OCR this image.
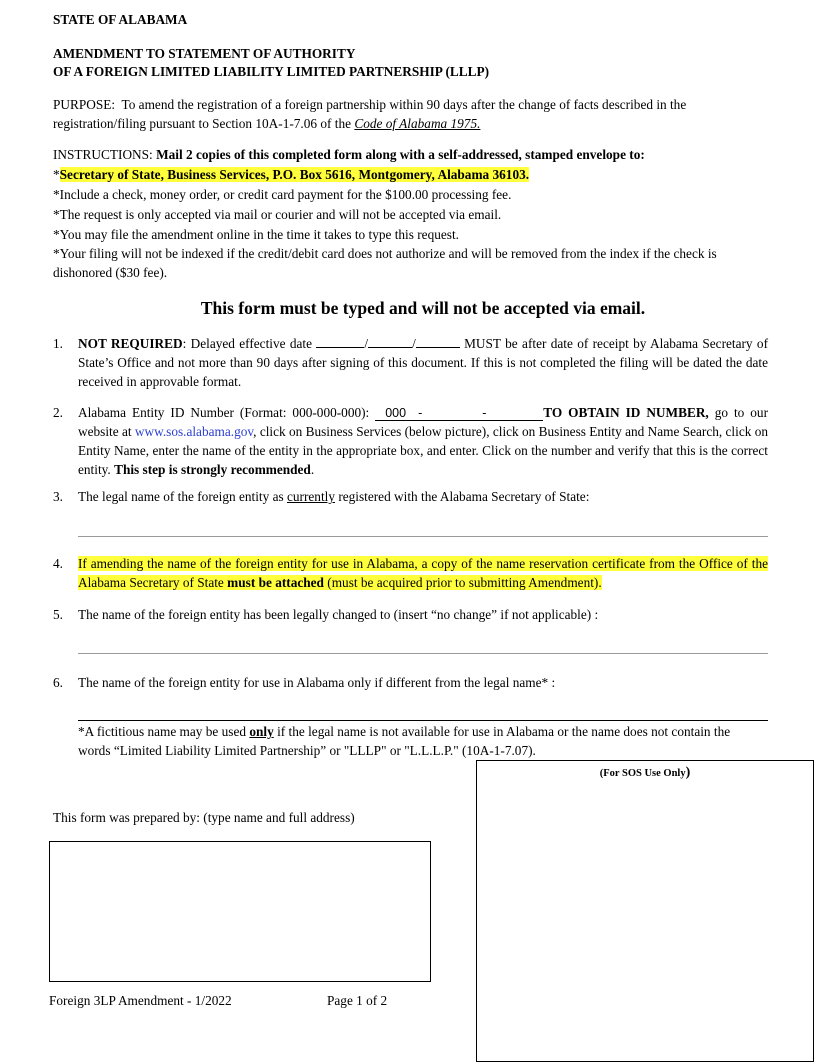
STATE OF ALABAMA
AMENDMENT TO STATEMENT OF AUTHORITY
OF A FOREIGN LIMITED LIABILITY LIMITED PARTNERSHIP (LLLP)
PURPOSE: To amend the registration of a foreign partnership within 90 days after the change of facts described in the registration/filing pursuant to Section 10A-1-7.06 of the Code of Alabama 1975.
INSTRUCTIONS: Mail 2 copies of this completed form along with a self-addressed, stamped envelope to:
*Secretary of State, Business Services, P.O. Box 5616, Montgomery, Alabama 36103.
*Include a check, money order, or credit card payment for the $100.00 processing fee.
*The request is only accepted via mail or courier and will not be accepted via email.
*You may file the amendment online in the time it takes to type this request.
*Your filing will not be indexed if the credit/debit card does not authorize and will be removed from the index if the check is dishonored ($30 fee).
This form must be typed and will not be accepted via email.
1. NOT REQUIRED: Delayed effective date	/	/	MUST be after date of receipt by Alabama Secretary of State’s Office and not more than 90 days after signing of this document. If this is not completed the filing will be dated the date received in approvable format.
2. Alabama Entity ID Number (Format: 000-000-000): 000 -	-	TO OBTAIN ID NUMBER, go to our website at www.sos.alabama.gov, click on Business Services (below picture), click on Business Entity and Name Search, click on Entity Name, enter the name of the entity in the appropriate box, and enter. Click on the number and verify that this is the correct entity. This step is strongly recommended.
3. The legal name of the foreign entity as currently registered with the Alabama Secretary of State:
4. If amending the name of the foreign entity for use in Alabama, a copy of the name reservation certificate from the Office of the Alabama Secretary of State must be attached (must be acquired prior to submitting Amendment).
5. The name of the foreign entity has been legally changed to (insert “no change” if not applicable) :
6. The name of the foreign entity for use in Alabama only if different from the legal name* :
*A fictitious name may be used only if the legal name is not available for use in Alabama or the name does not contain the words “Limited Liability Limited Partnership” or "LLLP" or "L.L.L.P." (10A-1-7.07).
(For SOS Use Only)
This form was prepared by: (type name and full address)
Foreign 3LP Amendment - 1/2022	Page 1 of 2
